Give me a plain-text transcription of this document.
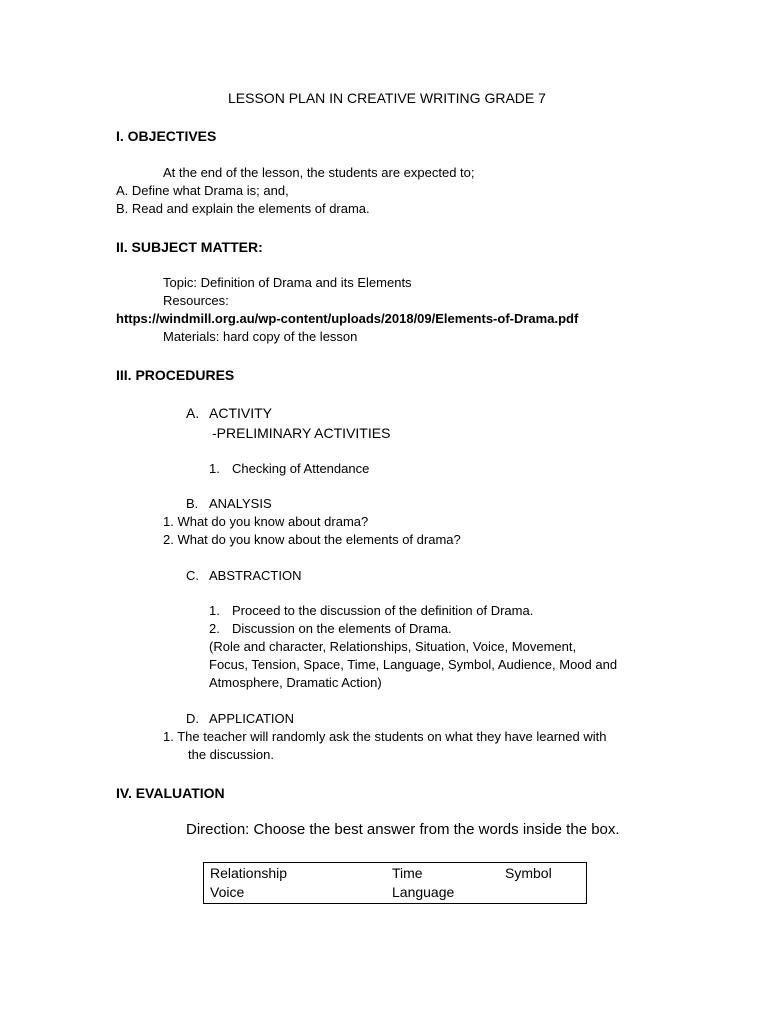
LESSON PLAN IN CREATIVE WRITING GRADE 7
I. OBJECTIVES
At the end of the lesson, the students are expected to;
A. Define what Drama is; and,
B. Read and explain the elements of drama.
II. SUBJECT MATTER:
Topic: Definition of Drama and its Elements
Resources:
https://windmill.org.au/wp-content/uploads/2018/09/Elements-of-Drama.pdf
Materials: hard copy of the lesson
III. PROCEDURES
A. ACTIVITY
-PRELIMINARY ACTIVITIES
1. Checking of Attendance
B. ANALYSIS
1. What do you know about drama?
2. What do you know about the elements of drama?
C. ABSTRACTION
1. Proceed to the discussion of the definition of Drama.
2. Discussion on the elements of Drama.
(Role and character, Relationships, Situation, Voice, Movement,
Focus, Tension, Space, Time, Language, Symbol, Audience, Mood and
Atmosphere, Dramatic Action)
D. APPLICATION
1. The teacher will randomly ask the students on what they have learned with
the discussion.
IV. EVALUATION
Direction: Choose the best answer from the words inside the box.
Relationship	Time	Symbol
Voice	Language
